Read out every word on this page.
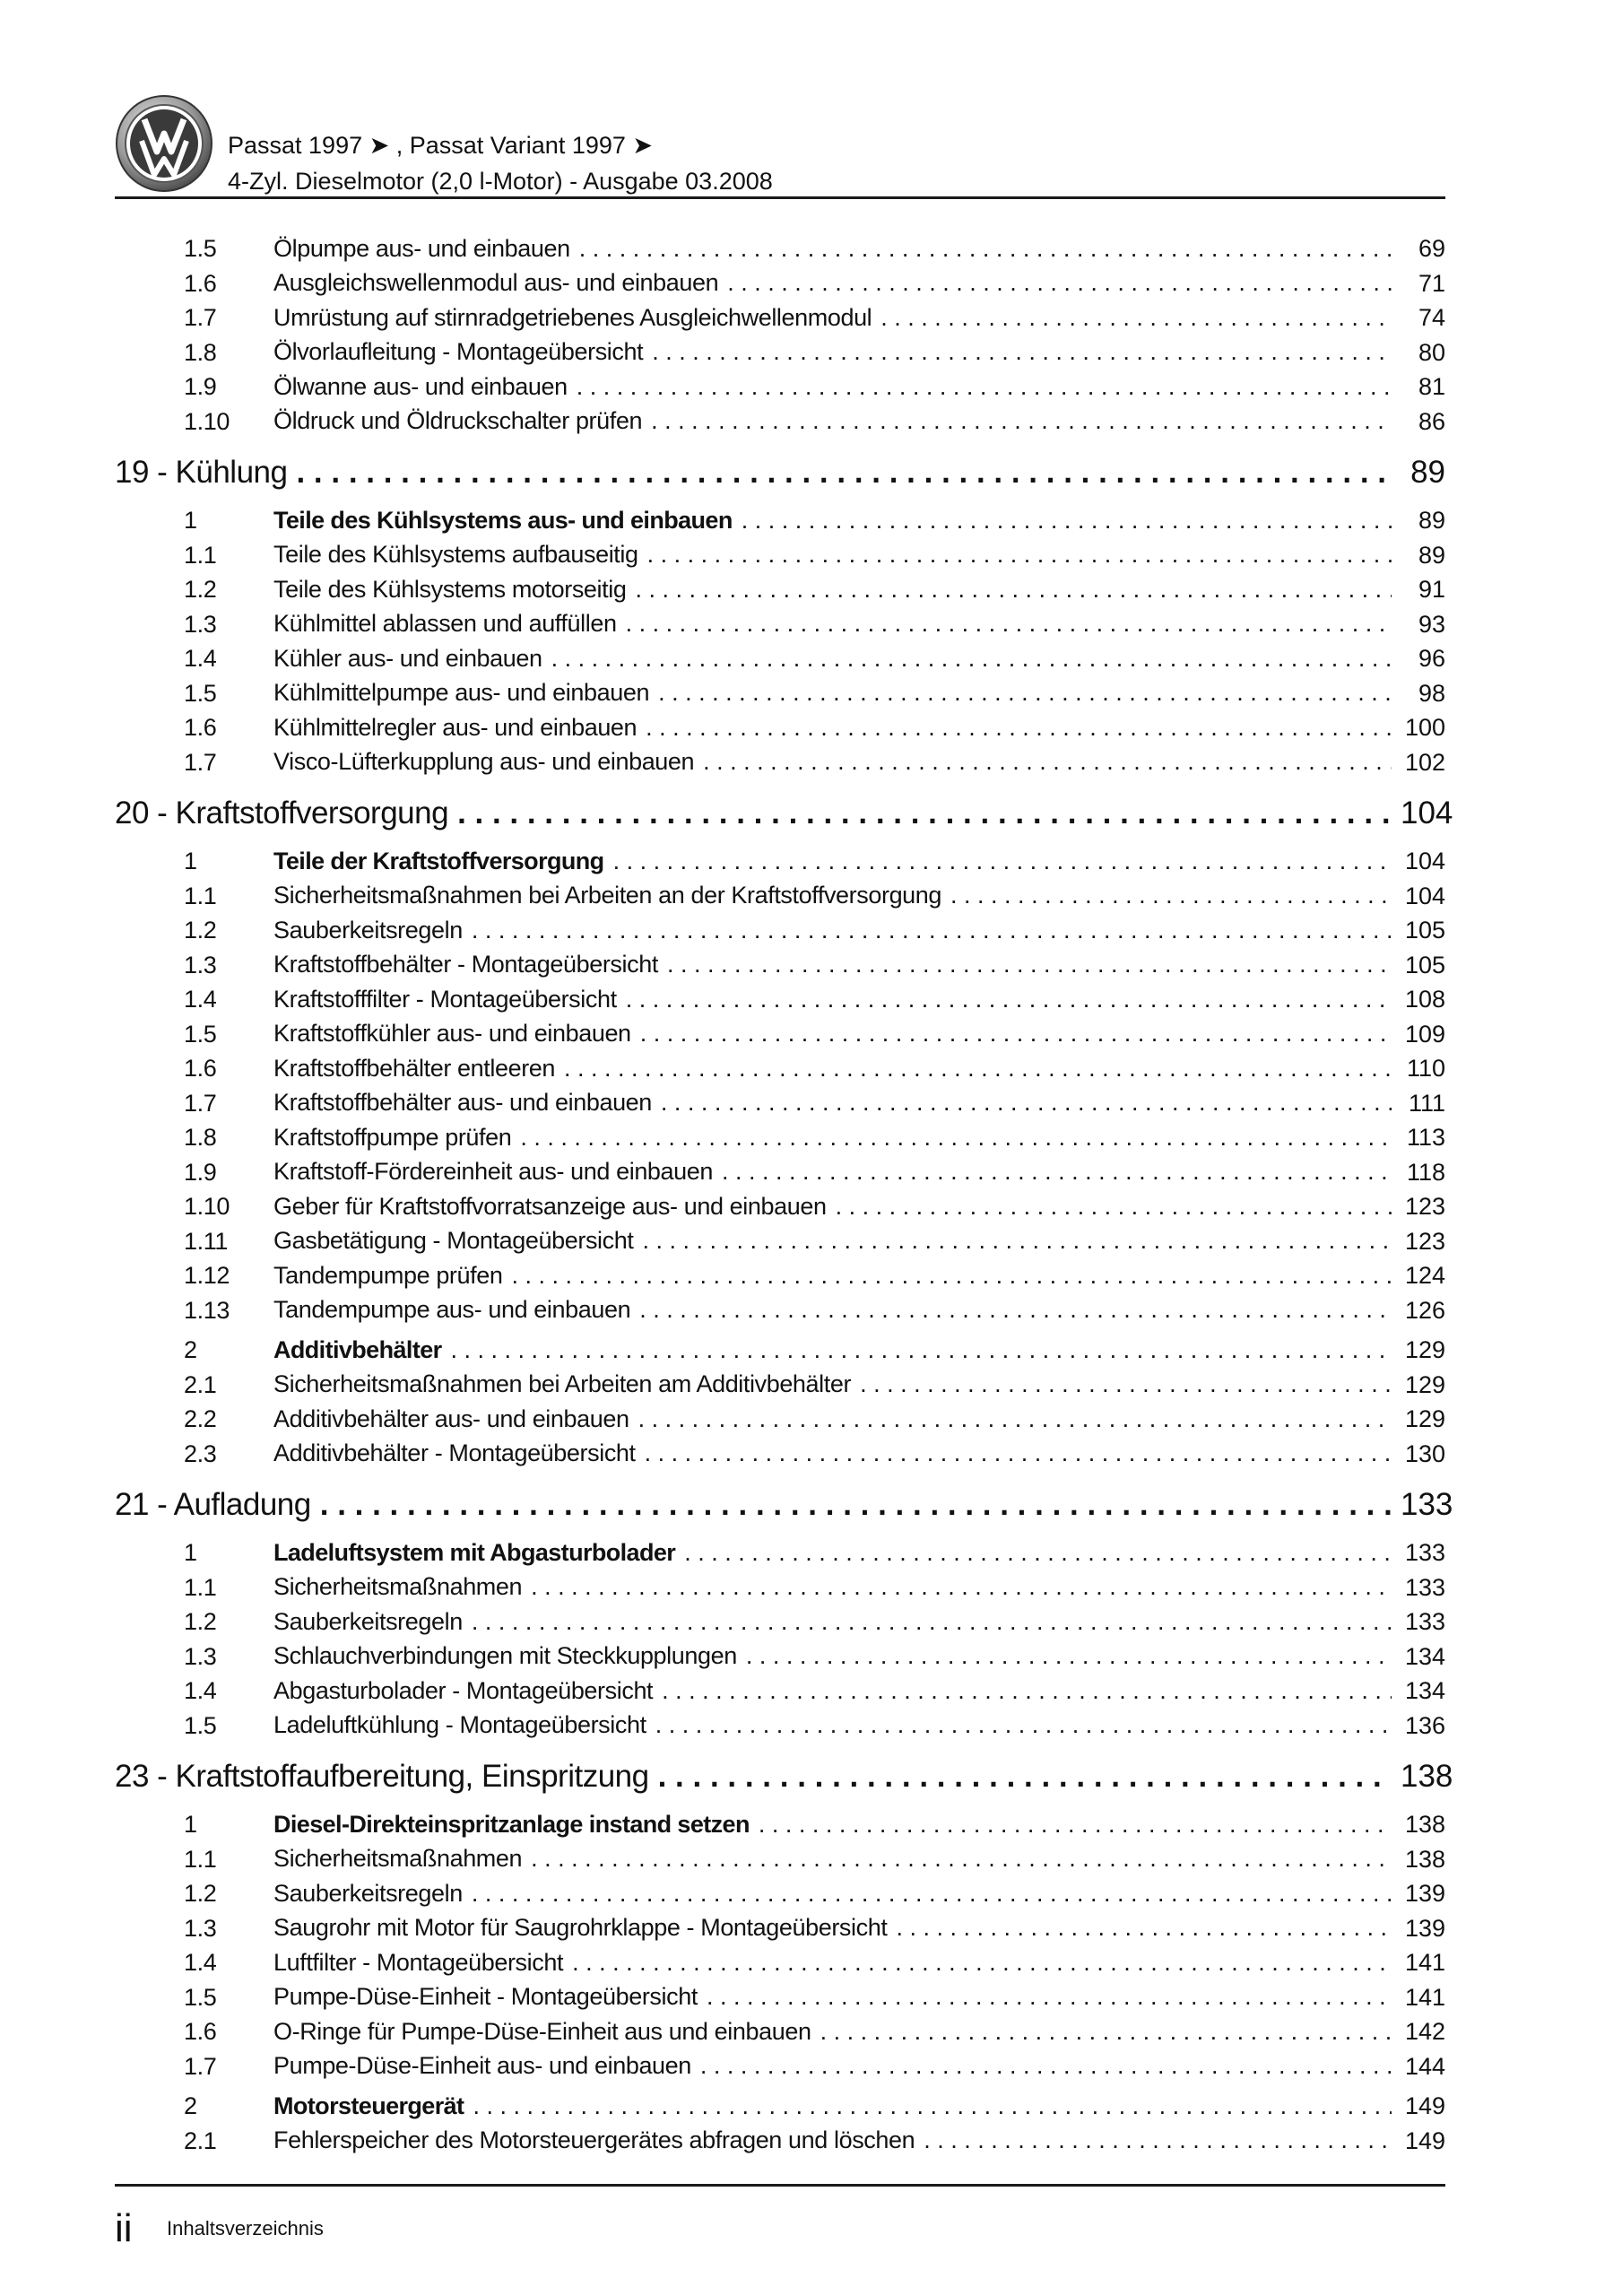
Passat 1997 ➤ , Passat Variant 1997 ➤
4-Zyl. Dieselmotor (2,0 l-Motor) - Ausgabe 03.2008
1.5 Ölpumpe aus- und einbauen . . .	69
1.6 Ausgleichswellenmodul aus- und einbauen . . .	71
1.7 Umrüstung auf stirnradgetriebenes Ausgleichwellenmodul . . .	74
1.8 Ölvorlaufleitung - Montageübersicht . . .	80
1.9 Ölwanne aus- und einbauen . . .	81
1.10 Öldruck und Öldruckschalter prüfen . . .	86
19 - Kühlung . . .	89
1	Teile des Kühlsystems aus- und einbauen . . .	89
1.1 Teile des Kühlsystems aufbauseitig . . .	89
1.2 Teile des Kühlsystems motorseitig . . .	91
1.3 Kühlmittel ablassen und auffüllen . . .	93
1.4 Kühler aus- und einbauen . . .	96
1.5 Kühlmittelpumpe aus- und einbauen . . .	98
1.6 Kühlmittelregler aus- und einbauen . . .	100
1.7 Visco-Lüfterkupplung aus- und einbauen . . .	102
20 - Kraftstoffversorgung . . .	104
1	Teile der Kraftstoffversorgung . . .	104
1.1 Sicherheitsmaßnahmen bei Arbeiten an der Kraftstoffversorgung . . .	104
1.2 Sauberkeitsregeln . . .	105
1.3 Kraftstoffbehälter - Montageübersicht . . .	105
1.4 Kraftstofffilter - Montageübersicht . . .	108
1.5 Kraftstoffkühler aus- und einbauen . . .	109
1.6 Kraftstoffbehälter entleeren . . .	110
1.7 Kraftstoffbehälter aus- und einbauen . . .	111
1.8 Kraftstoffpumpe prüfen . . .	113
1.9 Kraftstoff-Fördereinheit aus- und einbauen . . .	118
1.10 Geber für Kraftstoffvorratsanzeige aus- und einbauen . . .	123
1.11 Gasbetätigung - Montageübersicht . . .	123
1.12 Tandempumpe prüfen . . .	124
1.13 Tandempumpe aus- und einbauen . . .	126
2	Additivbehälter . . .	129
2.1 Sicherheitsmaßnahmen bei Arbeiten am Additivbehälter . . .	129
2.2 Additivbehälter aus- und einbauen . . .	129
2.3 Additivbehälter - Montageübersicht . . .	130
21 - Aufladung . . .	133
1	Ladeluftsystem mit Abgasturbolader . . .	133
1.1 Sicherheitsmaßnahmen . . .	133
1.2 Sauberkeitsregeln . . .	133
1.3 Schlauchverbindungen mit Steckkupplungen . . .	134
1.4 Abgasturbolader - Montageübersicht . . .	134
1.5 Ladeluftkühlung - Montageübersicht . . .	136
23 - Kraftstoffaufbereitung, Einspritzung . . .	138
1	Diesel-Direkteinspritzanlage instand setzen . . .	138
1.1 Sicherheitsmaßnahmen . . .	138
1.2 Sauberkeitsregeln . . .	139
1.3 Saugrohr mit Motor für Saugrohrklappe - Montageübersicht . . .	139
1.4 Luftfilter - Montageübersicht . . .	141
1.5 Pumpe-Düse-Einheit - Montageübersicht . . .	141
1.6 O-Ringe für Pumpe-Düse-Einheit aus und einbauen . . .	142
1.7 Pumpe-Düse-Einheit aus- und einbauen . . .	144
2	Motorsteuergerät . . .	149
2.1 Fehlerspeicher des Motorsteuergerätes abfragen und löschen . . .	149
ii Inhaltsverzeichnis
